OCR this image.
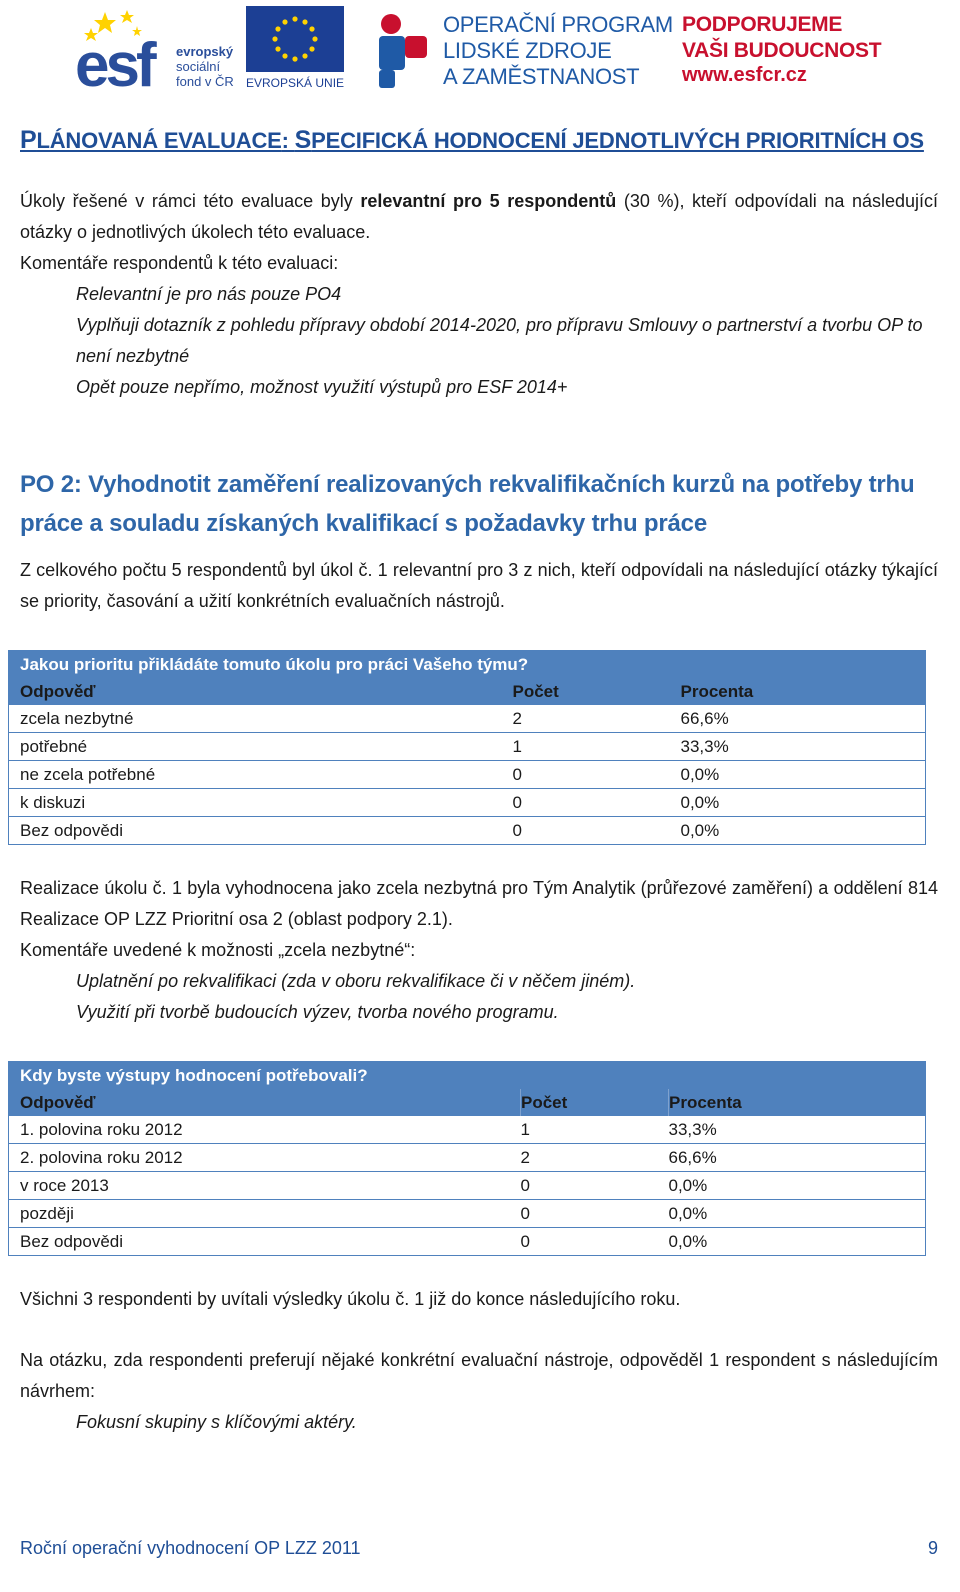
esf	evropský
sociální
fond v ČR EVROPSKÁ UNIE
OPERAČNÍ PROGRAM
LIDSKÉ ZDROJE
A ZAMĚSTNANOST
PODPORUJEME
VAŠI BUDOUCNOST
www.esfcr.cz
PLÁNOVANÁ EVALUACE: SPECIFICKÁ HODNOCENÍ JEDNOTLIVÝCH PRIORITNÍCH OS

Úkoly řešené v rámci této evaluace byly relevantní pro 5 respondentů (30 %), kteří odpovídali na následující otázky o jednotlivých úkolech této evaluace.

Komentáře respondentů k této evaluaci:

Relevantní je pro nás pouze PO4

Vyplňuji dotazník z pohledu přípravy období 2014-2020, pro přípravu Smlouvy o partnerství a tvorbu OP to není nezbytné

Opět pouze nepřímo, možnost využití výstupů pro ESF 2014+

PO 2: Vyhodnotit zaměření realizovaných rekvalifikačních kurzů na potřeby trhu práce a souladu získaných kvalifikací s požadavky trhu práce

Z celkového počtu 5 respondentů byl úkol č. 1 relevantní pro 3 z nich, kteří odpovídali na následující otázky týkající se priority, časování a užití konkrétních evaluačních nástrojů.

Jakou prioritu přikládáte tomuto úkolu pro práci Vašeho týmu?		
Odpověď	Počet	Procenta
zcela nezbytné	2	66,6%
potřebné	1	33,3%
ne zcela potřebné	0	0,0%
k diskuzi	0	0,0%
Bez odpovědi	0	0,0%

Realizace úkolu č. 1 byla vyhodnocena jako zcela nezbytná pro Tým Analytik (průřezové zaměření) a oddělení 814 Realizace OP LZZ Prioritní osa 2 (oblast podpory 2.1).

Komentáře uvedené k možnosti „zcela nezbytné“:

Uplatnění po rekvalifikaci (zda v oboru rekvalifikace či v něčem jiném).

Využití při tvorbě budoucích výzev, tvorba nového programu.

Kdy byste výstupy hodnocení potřebovali?		
Odpověď	Počet	Procenta
1. polovina roku 2012	1	33,3%
2. polovina roku 2012	2	66,6%
v roce 2013	0	0,0%
později	0	0,0%
Bez odpovědi	0	0,0%

Všichni 3 respondenti by uvítali výsledky úkolu č. 1 již do konce následujícího roku.

Na otázku, zda respondenti preferují nějaké konkrétní evaluační nástroje, odpověděl 1 respondent s následujícím návrhem:

Fokusní skupiny s klíčovými aktéry.

Roční operační vyhodnocení OP LZZ 2011	9
